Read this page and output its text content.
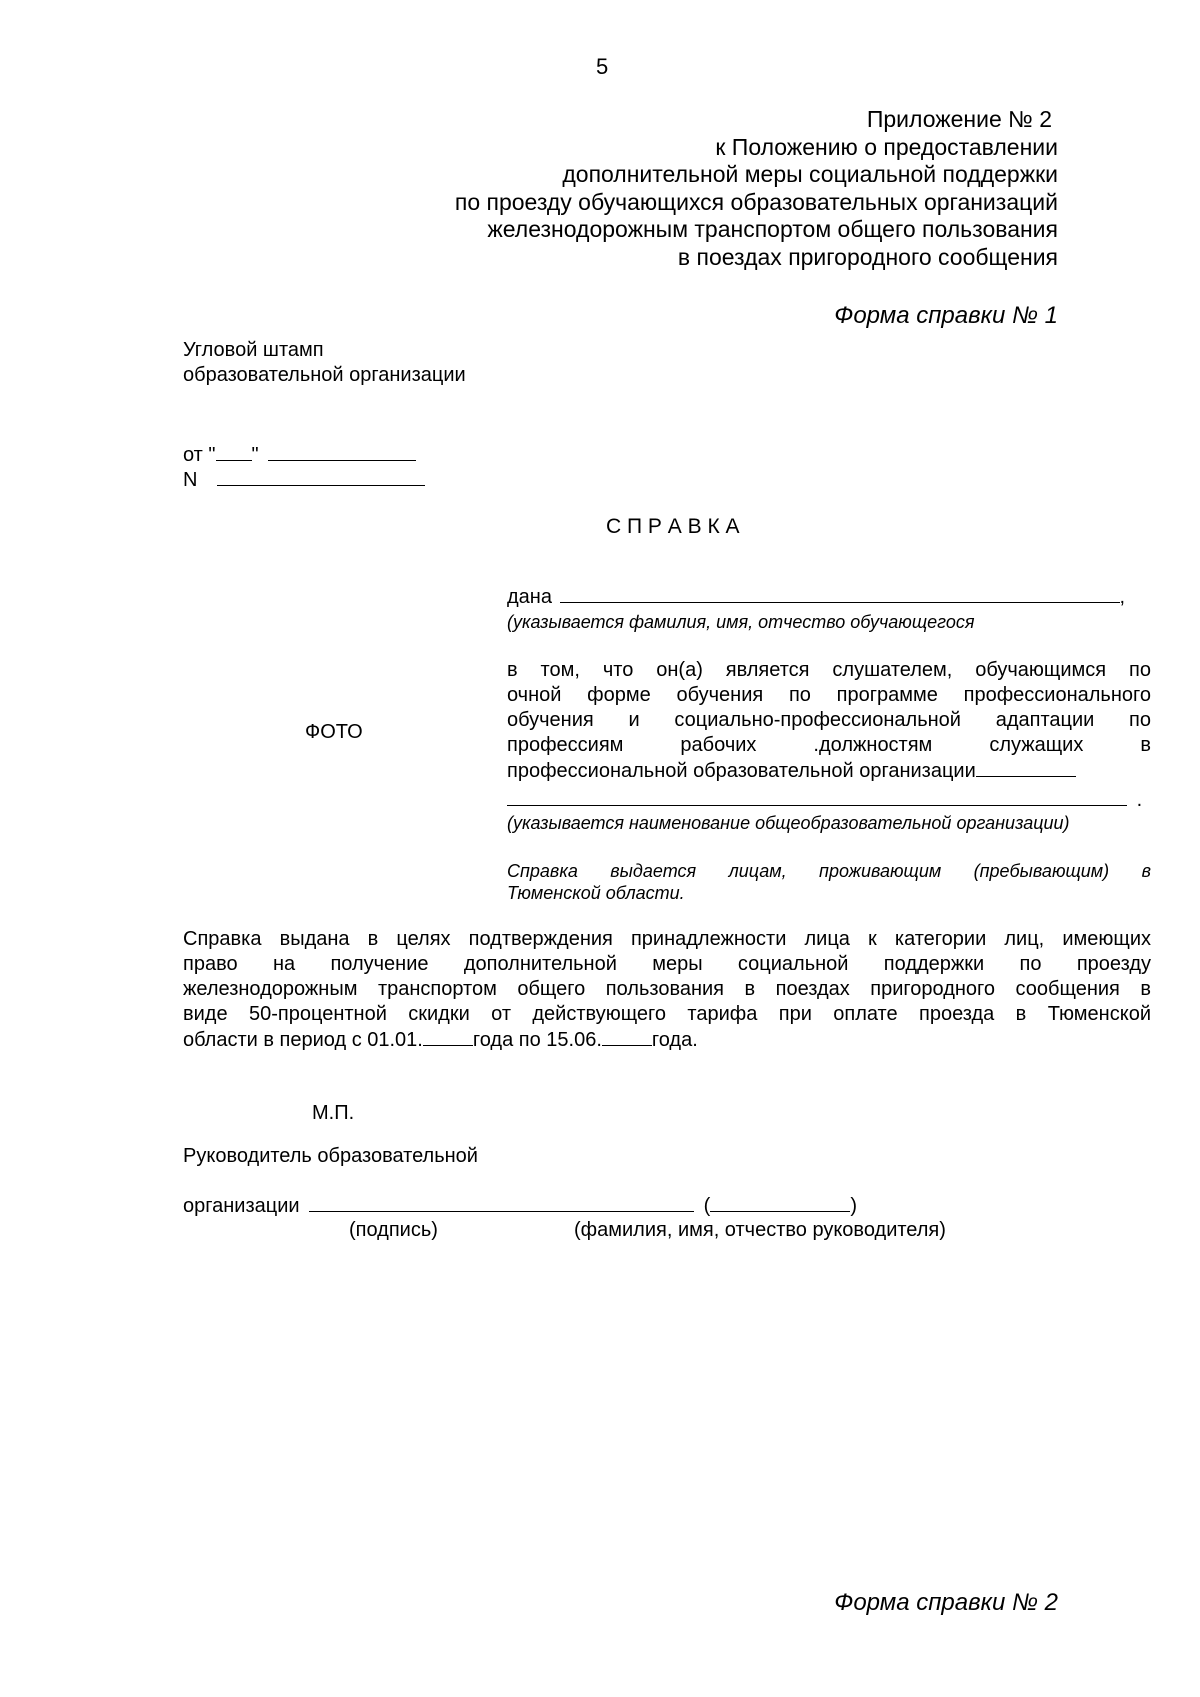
5
Приложение № 2
к Положению о предоставлении
дополнительной меры социальной поддержки
по проезду обучающихся образовательных организаций
железнодорожным транспортом общего пользования
в поездах пригородного сообщения
Форма справки № 1
Угловой штамп
образовательной организации
от " "
N
С П Р А В К А
ФОТО
дана	,
(указывается фамилия, имя, отчество обучающегося
в том, что он(а) является слушателем, обучающимся по
очной форме обучения по программе профессионального
обучения и социально-профессиональной адаптации по
профессиям рабочих .должностям служащих в
профессиональной образовательной организации
.
(указывается наименование общеобразовательной организации)
Справка выдается лицам, проживающим (пребывающим) в
Тюменской области.
Справка выдана в целях подтверждения принадлежности лица к категории лиц, имеющих
право на получение дополнительной меры социальной поддержки по проезду
железнодорожным транспортом общего пользования в поездах пригородного сообщения в
виде 50-процентной скидки от действующего тарифа при оплате проезда в Тюменской
области в период с 01.01.	года по 15.06.	года.
М.П.
Руководитель образовательной
организации	(	)
(подпись)	(фамилия, имя, отчество руководителя)
Форма справки № 2
